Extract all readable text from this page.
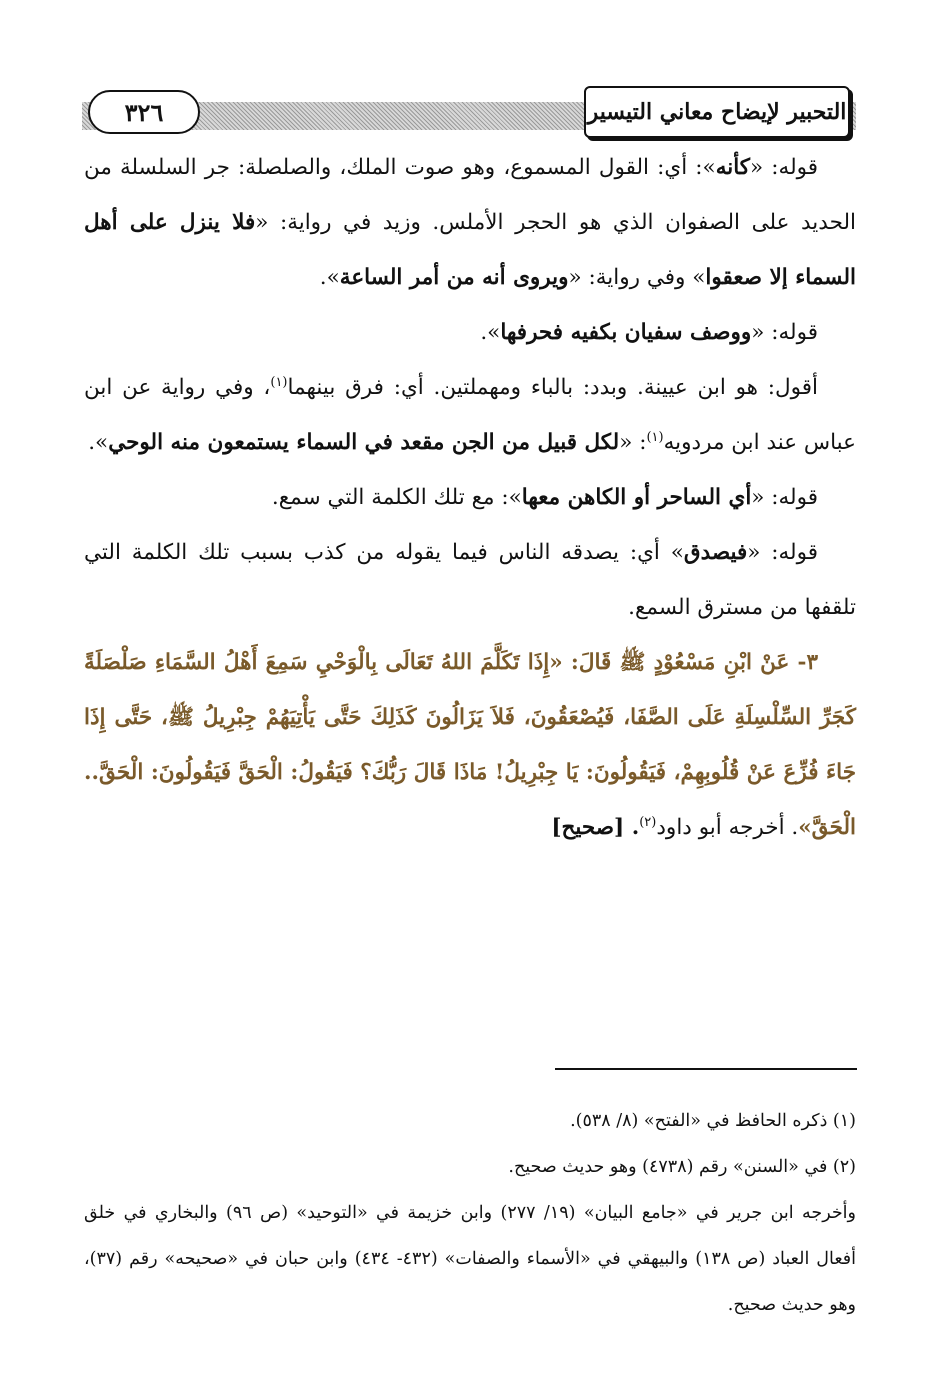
التحبير لإيضاح معاني التيسير
٣٢٦

قوله: «كأنه»: أي: القول المسموع، وهو صوت الملك، والصلصلة: جر السلسلة من الحديد على الصفوان الذي هو الحجر الأملس. وزيد في رواية: «فلا ينزل على أهل السماء إلا صعقوا» وفي رواية: «ويروى أنه من أمر الساعة».

قوله: «ووصف سفيان بكفيه فحرفها».

أقول: هو ابن عيينة. وبدد: بالباء ومهملتين. أي: فرق بينهما$^{(١)}$، وفي رواية عن ابن عباس عند ابن مردويه$^{(١)}$: «لكل قبيل من الجن مقعد في السماء يستمعون منه الوحي».

قوله: «أي الساحر أو الكاهن معها»: مع تلك الكلمة التي سمع.

قوله: «فيصدق» أي: يصدقه الناس فيما يقوله من كذب بسبب تلك الكلمة التي تلقفها من مسترق السمع.

٣- عَنْ ابْنِ مَسْعُوْدٍ ﷺ قَالَ: «إِذَا تَكَلَّمَ اللهُ تَعَالَى بِالْوَحْيِ سَمِعَ أَهْلُ السَّمَاءِ صَلْصَلَةً كَجَرِّ السِّلْسِلَةِ عَلَى الصَّفَا، فَيُصْعَقُونَ، فَلاَ يَزَالُونَ كَذَلِكَ حَتَّى يَأْتِيَهُمْ جِبْرِيلُ ﷺ، حَتَّى إِذَا جَاءَ فُزِّعَ عَنْ قُلُوبِهِمْ، فَيَقُولُونَ: يَا جِبْرِيلُ! مَاذَا قَالَ رَبُّكَ؟ فَيَقُولُ: الْحَقَّ فَيَقُولُونَ: الْحَقَّ.. الْحَقَّ». أخرجه أبو داود$^{(٢)}$. [صحيح]

(١) ذكره الحافظ في «الفتح» (٨/ ٥٣٨).

(٢) في «السنن» رقم (٤٧٣٨) وهو حديث صحيح.

وأخرجه ابن جرير في «جامع البيان» (١٩/ ٢٧٧) وابن خزيمة في «التوحيد» (ص ٩٦) والبخاري في خلق أفعال العباد (ص ١٣٨) والبيهقي في «الأسماء والصفات» (٤٣٢- ٤٣٤) وابن حبان في «صحيحه» رقم (٣٧)، وهو حديث صحيح.
